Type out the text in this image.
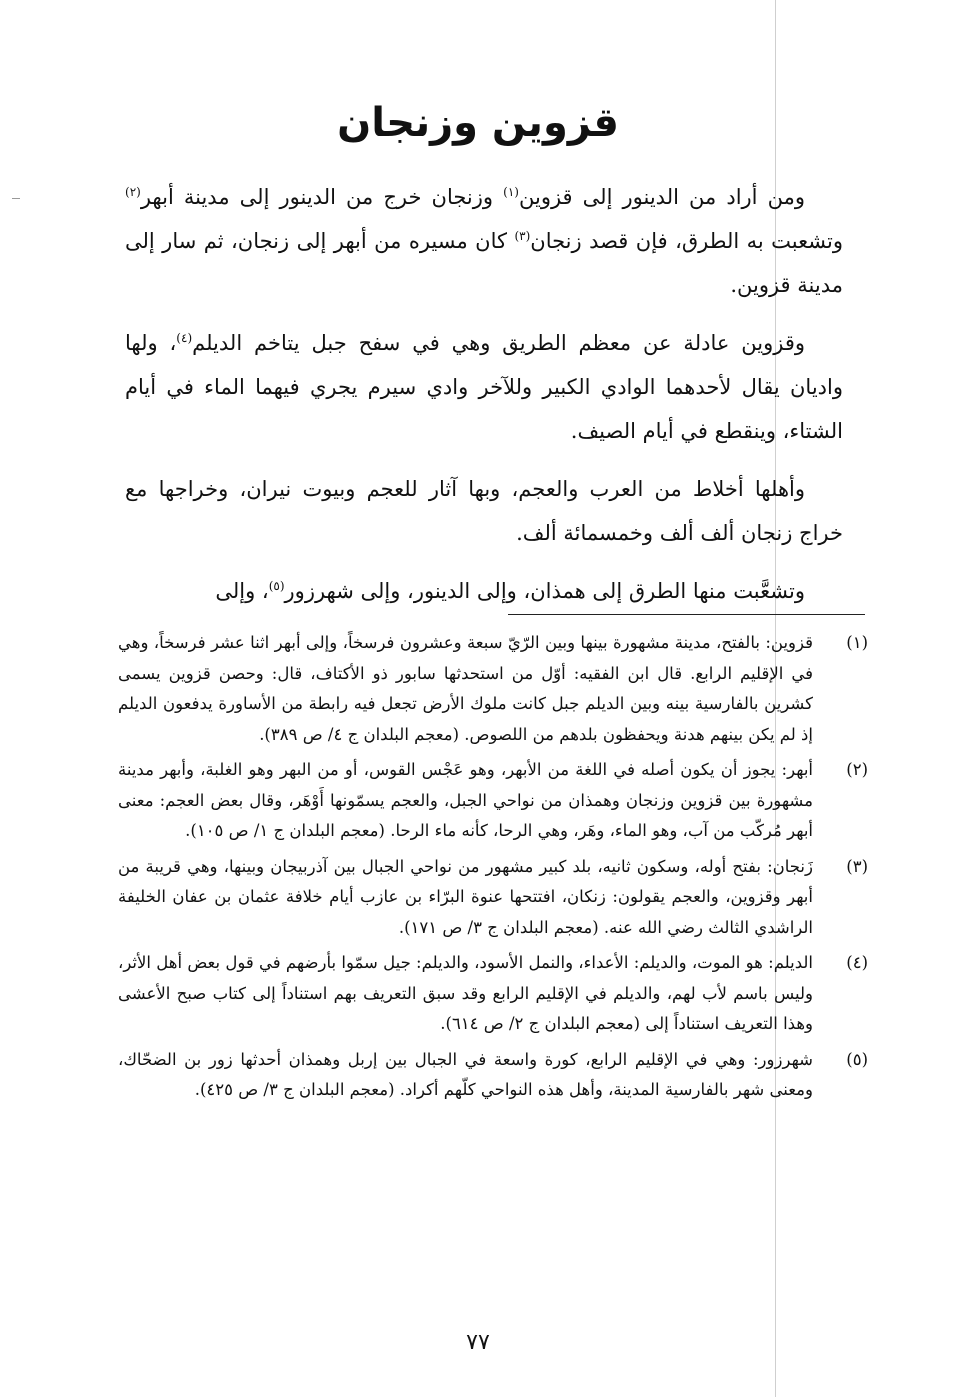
قزوين وزنجان

ومن أراد من الدينور إلى قزوين$^{(١)}$ وزنجان خرج من الدينور إلى مدينة أبهر$^{(٢)}$ وتشعبت به الطرق، فإن قصد زنجان$^{(٣)}$ كان مسيره من أبهر إلى زنجان، ثم سار إلى مدينة قزوين.

وقزوين عادلة عن معظم الطريق وهي في سفح جبل يتاخم الديلم$^{(٤)}$، ولها واديان يقال لأحدهما الوادي الكبير وللآخر وادي سيرم يجري فيهما الماء في أيام الشتاء، وينقطع في أيام الصيف.

وأهلها أخلاط من العرب والعجم، وبها آثار للعجم وبيوت نيران، وخراجها مع خراج زنجان ألف ألف وخمسمائة ألف.

وتشعَّبت منها الطرق إلى همذان، وإلى الدينور، وإلى شهرزور$^{(٥)}$، وإلى

(١)
قزوين: بالفتح، مدينة مشهورة بينها وبين الرّيّ سبعة وعشرون فرسخاً، وإلى أبهر اثنا عشر فرسخاً، وهي في الإقليم الرابع. قال ابن الفقيه: أوّل من استحدثها سابور ذو الأكتاف، قال: وحصن قزوين يسمى كشرين بالفارسية بينه وبين الديلم جبل كانت ملوك الأرض تجعل فيه رابطة من الأساورة يدفعون الديلم إذ لم يكن بينهم هدنة ويحفظون بلدهم من اللصوص. (معجم البلدان ج ٤/ ص ٣٨٩).
(٢)
أبهر: يجوز أن يكون أصله في اللغة من الأبهر، وهو عَجْس القوس، أو من البهر وهو الغلبة، وأبهر مدينة مشهورة بين قزوين وزنجان وهمذان من نواحي الجبل، والعجم يسمّونها أَوْهَر، وقال بعض العجم: معنى أبهر مُركّب من آب، وهو الماء، وهَر، وهي الرحا، كأنه ماء الرحا. (معجم البلدان ج ١/ ص ١٠٥).
(٣)
زَنجان: بفتح أوله، وسكون ثانيه، بلد كبير مشهور من نواحي الجبال بين آذربيجان وبينها، وهي قريبة من أبهر وقزوين، والعجم يقولون: زنكان، افتتحها عنوة البرّاء بن عازب أيام خلافة عثمان بن عفان الخليفة الراشدي الثالث رضي الله عنه. (معجم البلدان ج ٣/ ص ١٧١).
(٤)
الديلم: هو الموت، والديلم: الأعداء، والنمل الأسود، والديلم: جيل سمّوا بأرضهم في قول بعض أهل الأثر، وليس باسم لأب لهم، والديلم في الإقليم الرابع وقد سبق التعريف بهم استناداً إلى كتاب صبح الأعشى وهذا التعريف استناداً إلى (معجم البلدان ج ٢/ ص ٦١٤).
(٥)
شهرزور: وهي في الإقليم الرابع، كورة واسعة في الجبال بين إربل وهمذان أحدثها زور بن الضحّاك، ومعنى شهر بالفارسية المدينة، وأهل هذه النواحي كلّهم أكراد. (معجم البلدان ج ٣/ ص ٤٢٥).
٧٧
